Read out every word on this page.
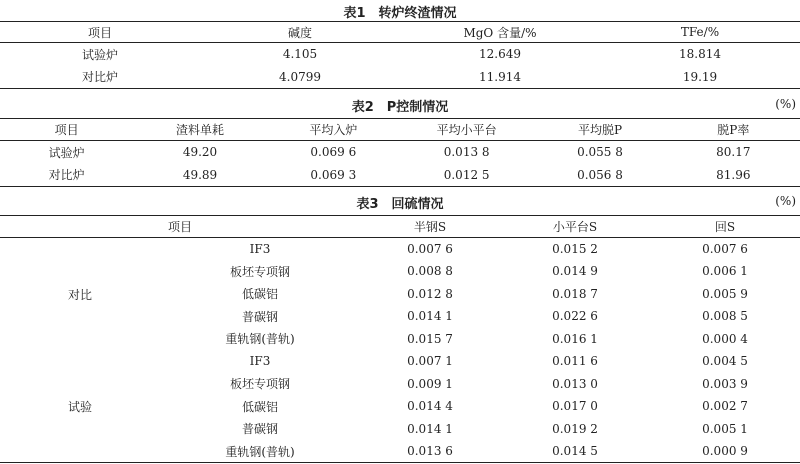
表1　转炉终渣情况
项目	碱度	MgO 含量/%	TFe/%
试验炉	4.105	12.649	18.814
对比炉	4.0799	11.914	19.19
表2　P控制情况	(%)
项目	渣料单耗	平均入炉	平均小平台	平均脱P	脱P率
试验炉	49.20	0.069 6	0.013 8	0.055 8	80.17
对比炉	49.89	0.069 3	0.012 5	0.056 8	81.96
表3　回硫情况	(%)
项目		半钢S	小平台S	回S
对比	IF3	0.007 6	0.015 2	0.007 6
	板坯专项钢	0.008 8	0.014 9	0.006 1
	低碳铝	0.012 8	0.018 7	0.005 9
	普碳钢	0.014 1	0.022 6	0.008 5
	重轨钢(普轨)	0.015 7	0.016 1	0.000 4
试验	IF3	0.007 1	0.011 6	0.004 5
	板坯专项钢	0.009 1	0.013 0	0.003 9
	低碳铝	0.014 4	0.017 0	0.002 7
	普碳钢	0.014 1	0.019 2	0.005 1
	重轨钢(普轨)	0.013 6	0.014 5	0.000 9
